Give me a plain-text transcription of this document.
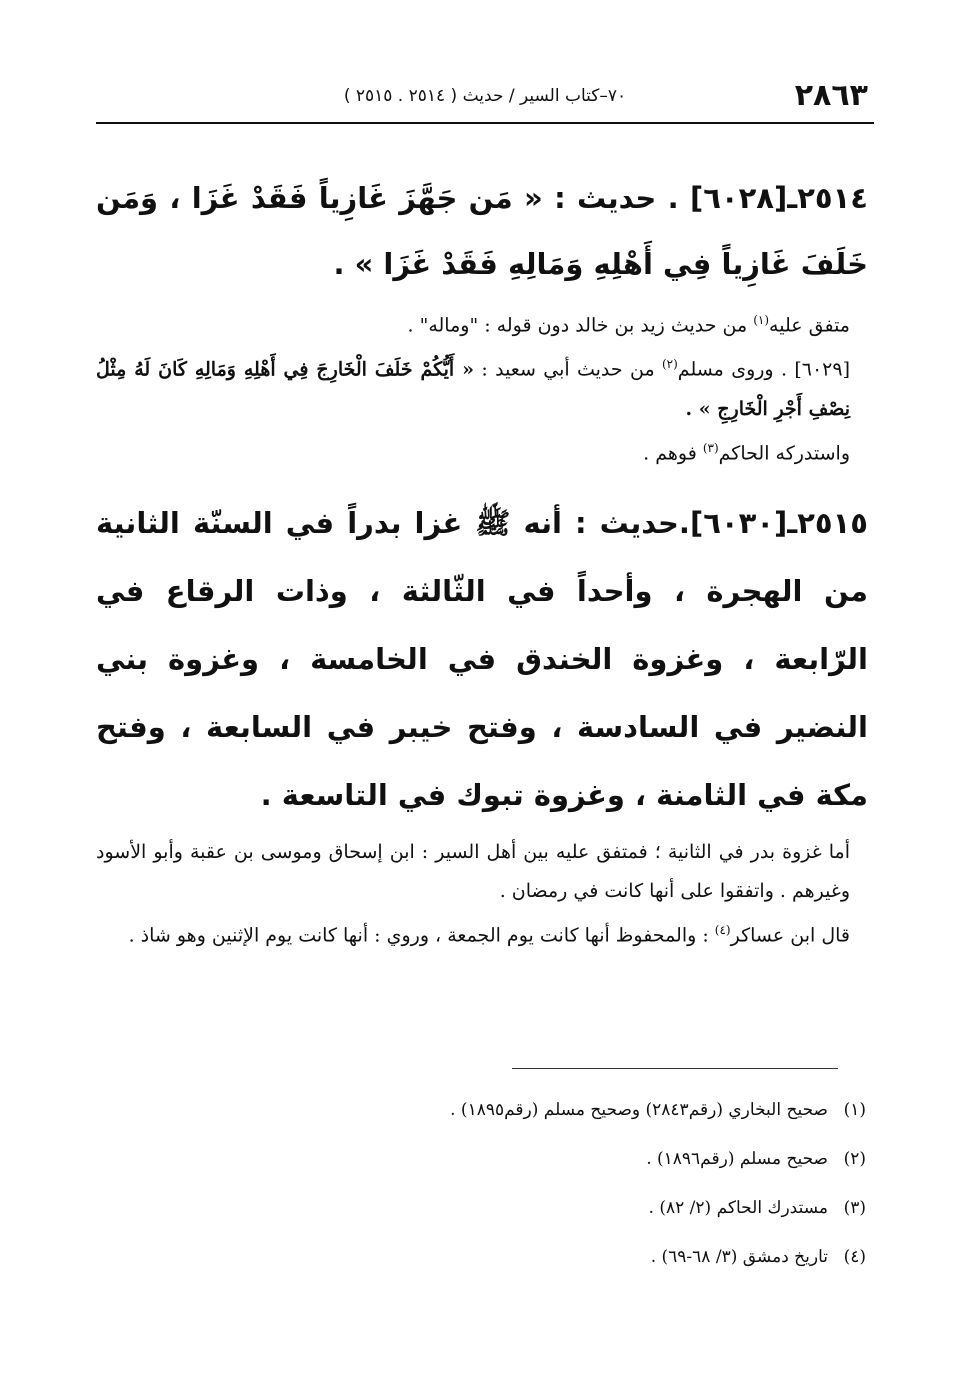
٢٨٦٣
٧٠–كتاب السير / حديث ( ٢٥١٤ . ٢٥١٥ )

٢٥١٤ـ[٦٠٢٨] . حديث : « مَن جَهَّزَ غَازِياً فَقَدْ غَزَا ، وَمَن خَلَفَ غَازِياً فِي أَهْلِهِ وَمَالِهِ فَقَدْ غَزَا » .

متفق عليه$^{(١)}$ من حديث زيد بن خالد دون قوله : "وماله" .

[٦٠٢٩] . وروى مسلم$^{(٢)}$ من حديث أبي سعيد : « أَيُّكُمْ خَلَفَ الْخَارِجَ فِي أَهْلِهِ وَمَالِهِ كَانَ لَهُ مِثْلُ نِصْفِ أَجْرِ الْخَارِجِ » .

واستدركه الحاكم$^{(٣)}$ فوهم .

٢٥١٥ـ[٦٠٣٠].حديث : أنه ﷺ غزا بدراً في السنّة الثانية من الهجرة ، وأحداً في الثّالثة ، وذات الرقاع في الرّابعة ، وغزوة الخندق في الخامسة ، وغزوة بني النضير في السادسة ، وفتح خيبر في السابعة ، وفتح مكة في الثامنة ، وغزوة تبوك في التاسعة .

أما غزوة بدر في الثانية ؛ فمتفق عليه بين أهل السير : ابن إسحاق وموسى بن عقبة وأبو الأسود وغيرهم . واتفقوا على أنها كانت في رمضان .

قال ابن عساكر$^{(٤)}$ : والمحفوظ أنها كانت يوم الجمعة ، وروي : أنها كانت يوم الإثنين وهو شاذ .

(١)صحيح البخاري (رقم٢٨٤٣) وصحيح مسلم (رقم١٨٩٥) .
(٢)صحيح مسلم (رقم١٨٩٦) .
(٣)مستدرك الحاكم (٢/ ٨٢) .
(٤)تاريخ دمشق (٣/ ٦٨-٦٩) .
